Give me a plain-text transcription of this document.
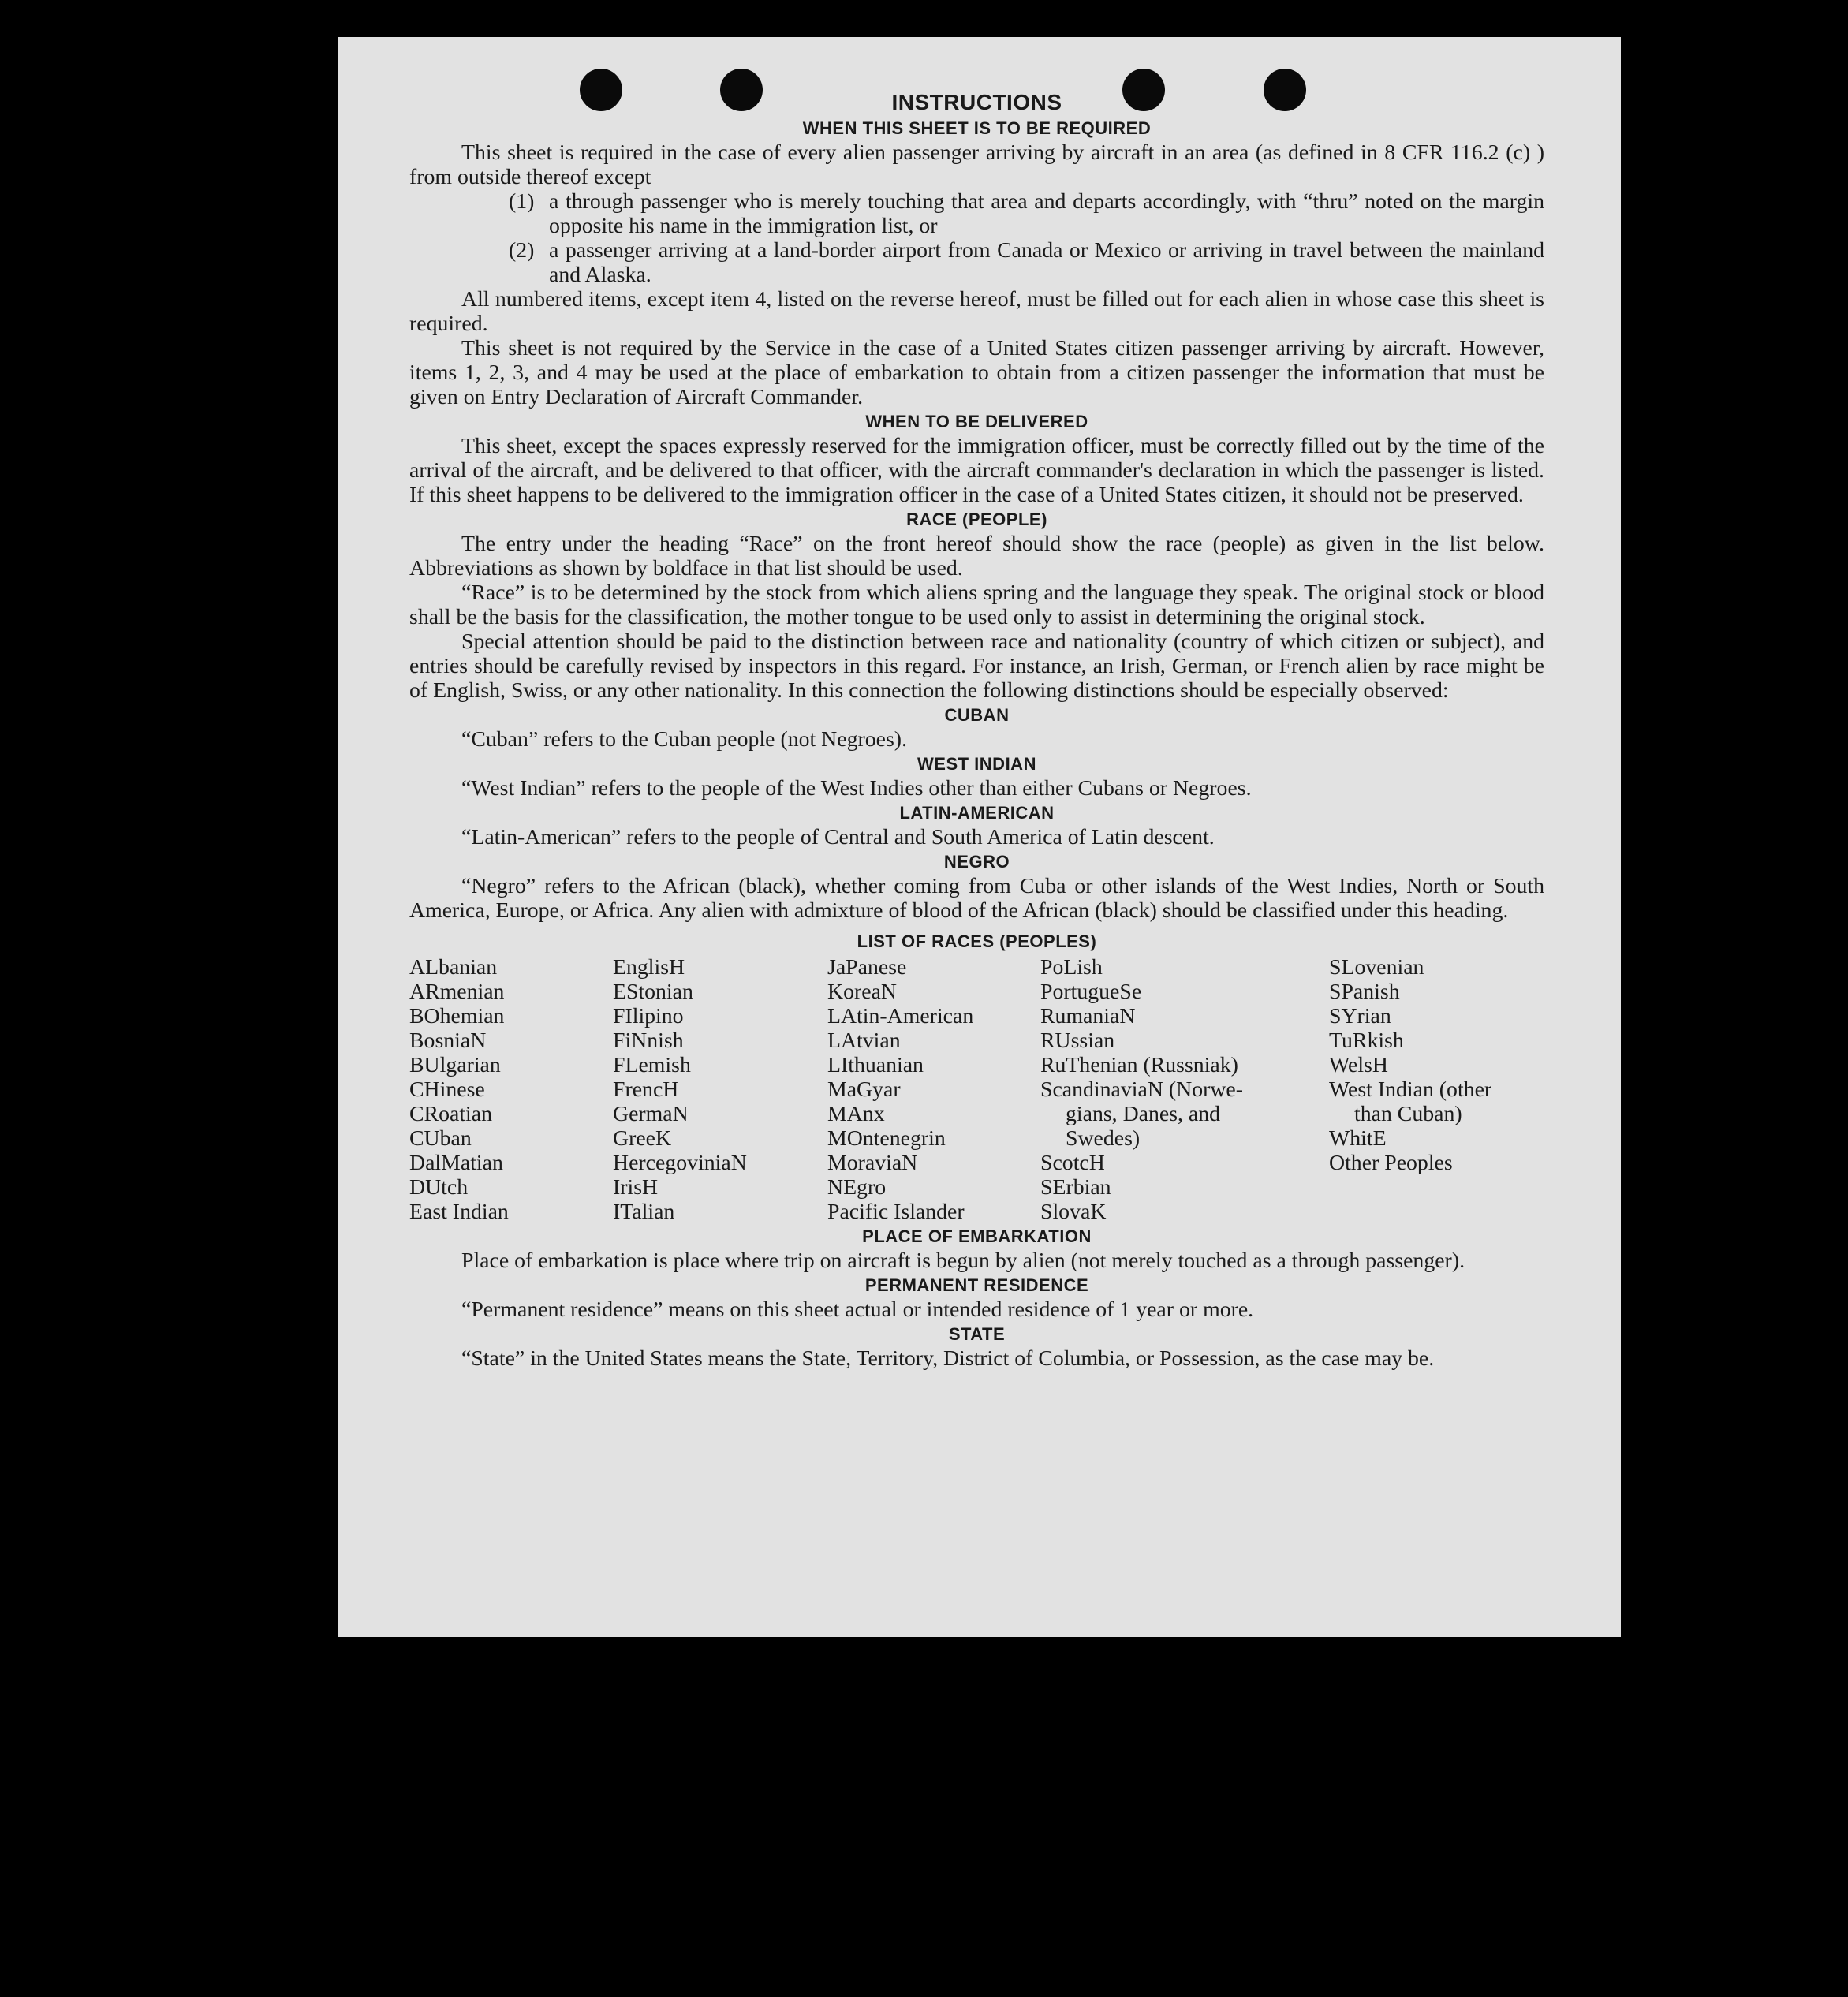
INSTRUCTIONS
WHEN THIS SHEET IS TO BE REQUIRED

This sheet is required in the case of every alien passenger arriving by aircraft in an area (as defined in 8 CFR 116.2 (c) ) from outside thereof except

(1) a through passenger who is merely touching that area and departs accordingly, with “thru” noted on the margin opposite his name in the immigration list, or
(2) a passenger arriving at a land-border airport from Canada or Mexico or arriving in travel between the mainland and Alaska.

All numbered items, except item 4, listed on the reverse hereof, must be filled out for each alien in whose case this sheet is required.

This sheet is not required by the Service in the case of a United States citizen passenger arriving by aircraft. However, items 1, 2, 3, and 4 may be used at the place of embarkation to obtain from a citizen passenger the information that must be given on Entry Declaration of Aircraft Commander.

WHEN TO BE DELIVERED

This sheet, except the spaces expressly reserved for the immigration officer, must be correctly filled out by the time of the arrival of the aircraft, and be delivered to that officer, with the aircraft commander's declaration in which the passenger is listed. If this sheet happens to be delivered to the immigration officer in the case of a United States citizen, it should not be preserved.

RACE (PEOPLE)

The entry under the heading “Race” on the front hereof should show the race (people) as given in the list below. Abbreviations as shown by boldface in that list should be used.

“Race” is to be determined by the stock from which aliens spring and the language they speak. The original stock or blood shall be the basis for the classification, the mother tongue to be used only to assist in determining the original stock.

Special attention should be paid to the distinction between race and nationality (country of which citizen or subject), and entries should be carefully revised by inspectors in this regard. For instance, an Irish, German, or French alien by race might be of English, Swiss, or any other nationality. In this connection the following distinctions should be especially observed:

CUBAN

“Cuban” refers to the Cuban people (not Negroes).

WEST INDIAN

“West Indian” refers to the people of the West Indies other than either Cubans or Negroes.

LATIN-AMERICAN

“Latin-American” refers to the people of Central and South America of Latin descent.

NEGRO

“Negro” refers to the African (black), whether coming from Cuba or other islands of the West Indies, North or South America, Europe, or Africa. Any alien with admixture of blood of the African (black) should be classified under this heading.

LIST OF RACES (PEOPLES)
ALbanian
ARmenian
BOhemian
BosniaN
BUlgarian
CHinese
CRoatian
CUban
DalMatian
DUtch
East Indian
EnglisH
EStonian
FIlipino
FiNnish
FLemish
FrencH
GermaN
GreeK
HercegoviniaN
IrisH
ITalian
JaPanese
KoreaN
LAtin-American
LAtvian
LIthuanian
MaGyar
MAnx
MOntenegrin
MoraviaN
NEgro
Pacific Islander
PoLish
PortugueSe
RumaniaN
RUssian
RuThenian (Russniak)
ScandinaviaN (Norwe-
gians, Danes, and
Swedes)
ScotcH
SErbian
SlovaK
SLovenian
SPanish
SYrian
TuRkish
WelsH
West Indian (other
than Cuban)
WhitE
Other Peoples
PLACE OF EMBARKATION

Place of embarkation is place where trip on aircraft is begun by alien (not merely touched as a through passenger).

PERMANENT RESIDENCE

“Permanent residence” means on this sheet actual or intended residence of 1 year or more.

STATE

“State” in the United States means the State, Territory, District of Columbia, or Possession, as the case may be.
